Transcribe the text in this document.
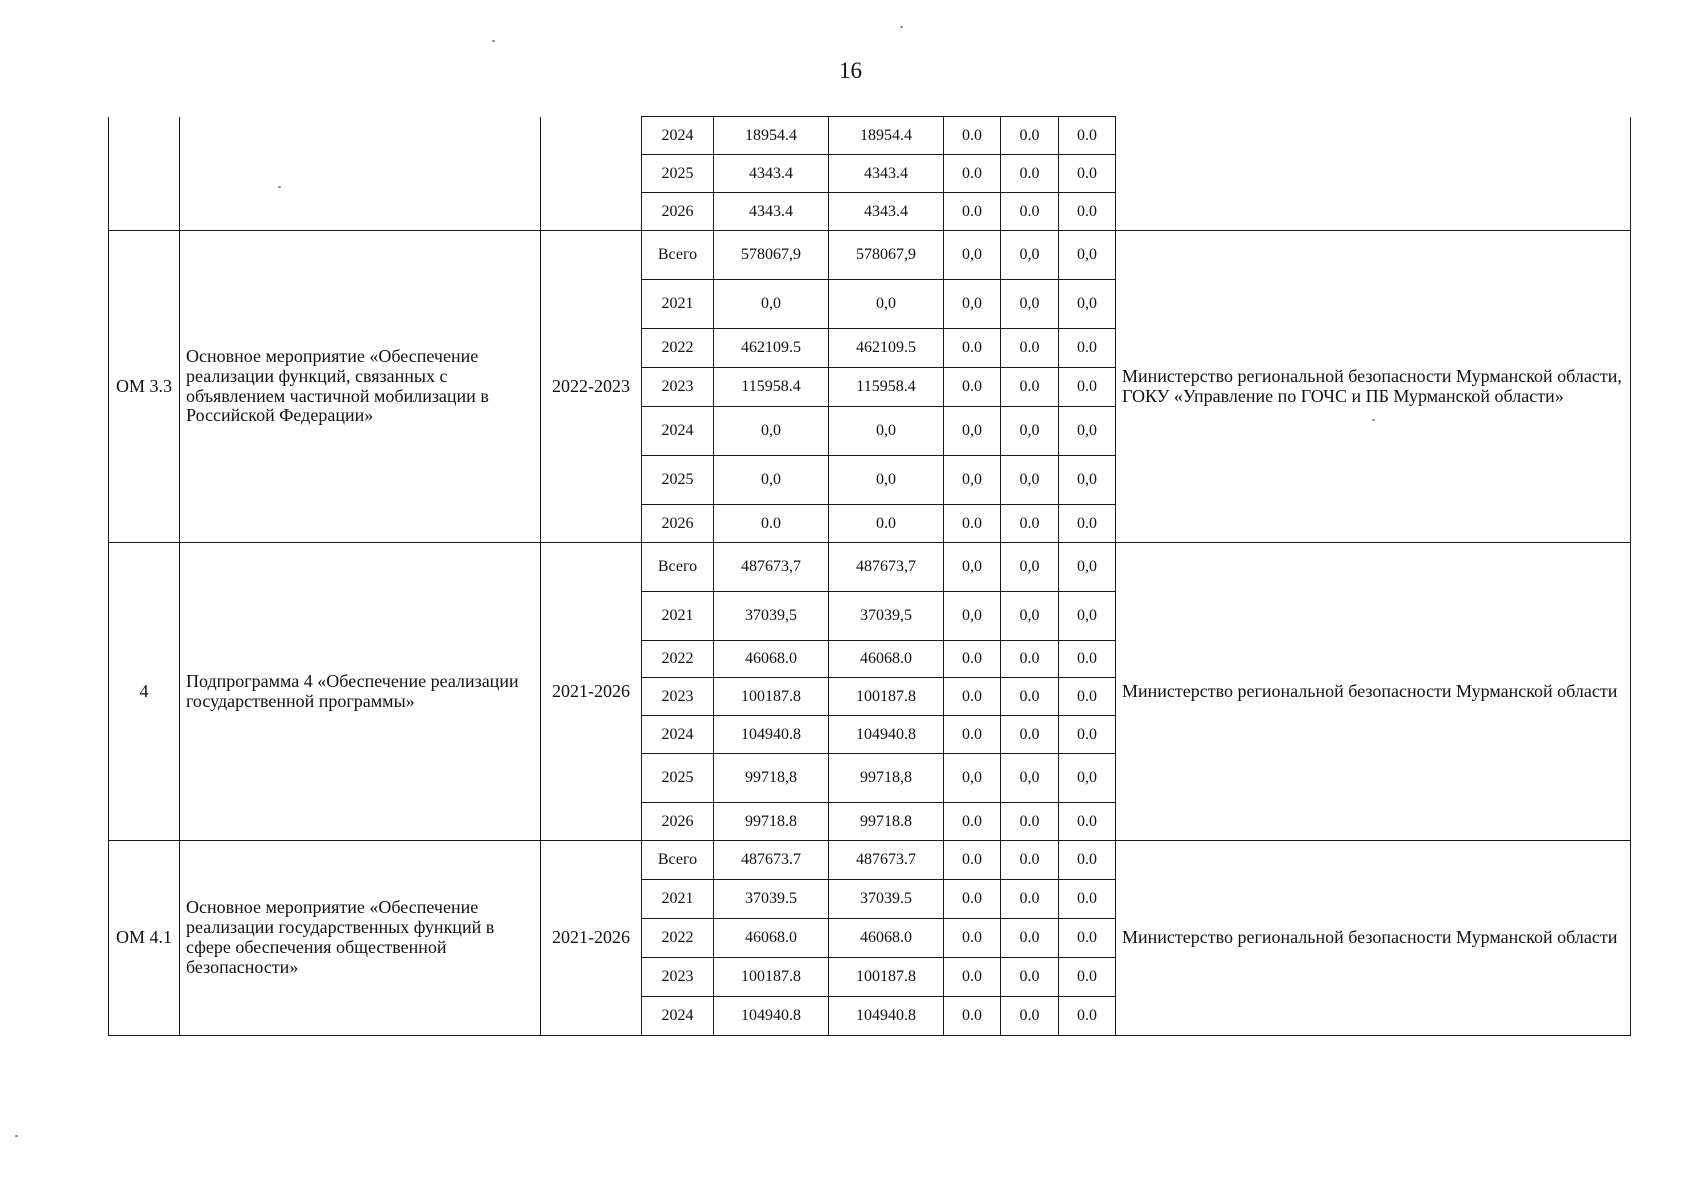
16
			2024	18954.4	18954.4	0.0	0.0	0.0	
			2025	4343.4	4343.4	0.0	0.0	0.0	
			2026	4343.4	4343.4	0.0	0.0	0.0	
ОМ 3.3	Основное мероприятие «Обеспечение реализации функций, связанных с объявлением частичной мобилизации в Российской Федерации»	2022-2023	Всего	578067,9	578067,9	0,0	0,0	0,0	Министерство региональной безопасности Мурманской области, ГОКУ «Управление по ГОЧС и ПБ Мурманской области»
			2021	0,0	0,0	0,0	0,0	0,0	
			2022	462109.5	462109.5	0.0	0.0	0.0	
			2023	115958.4	115958.4	0.0	0.0	0.0	
			2024	0,0	0,0	0,0	0,0	0,0	
			2025	0,0	0,0	0,0	0,0	0,0	
			2026	0.0	0.0	0.0	0.0	0.0	
4	Подпрограмма 4 «Обеспечение реализации государственной программы»	2021-2026	Всего	487673,7	487673,7	0,0	0,0	0,0	Министерство региональной безопасности Мурманской области
			2021	37039,5	37039,5	0,0	0,0	0,0	
			2022	46068.0	46068.0	0.0	0.0	0.0	
			2023	100187.8	100187.8	0.0	0.0	0.0	
			2024	104940.8	104940.8	0.0	0.0	0.0	
			2025	99718,8	99718,8	0,0	0,0	0,0	
			2026	99718.8	99718.8	0.0	0.0	0.0	
ОМ 4.1	Основное мероприятие «Обеспечение реализации государственных функций в сфере обеспечения общественной безопасности»	2021-2026	Всего	487673.7	487673.7	0.0	0.0	0.0	Министерство региональной безопасности Мурманской области
			2021	37039.5	37039.5	0.0	0.0	0.0	
			2022	46068.0	46068.0	0.0	0.0	0.0	
			2023	100187.8	100187.8	0.0	0.0	0.0	
			2024	104940.8	104940.8	0.0	0.0	0.0	
